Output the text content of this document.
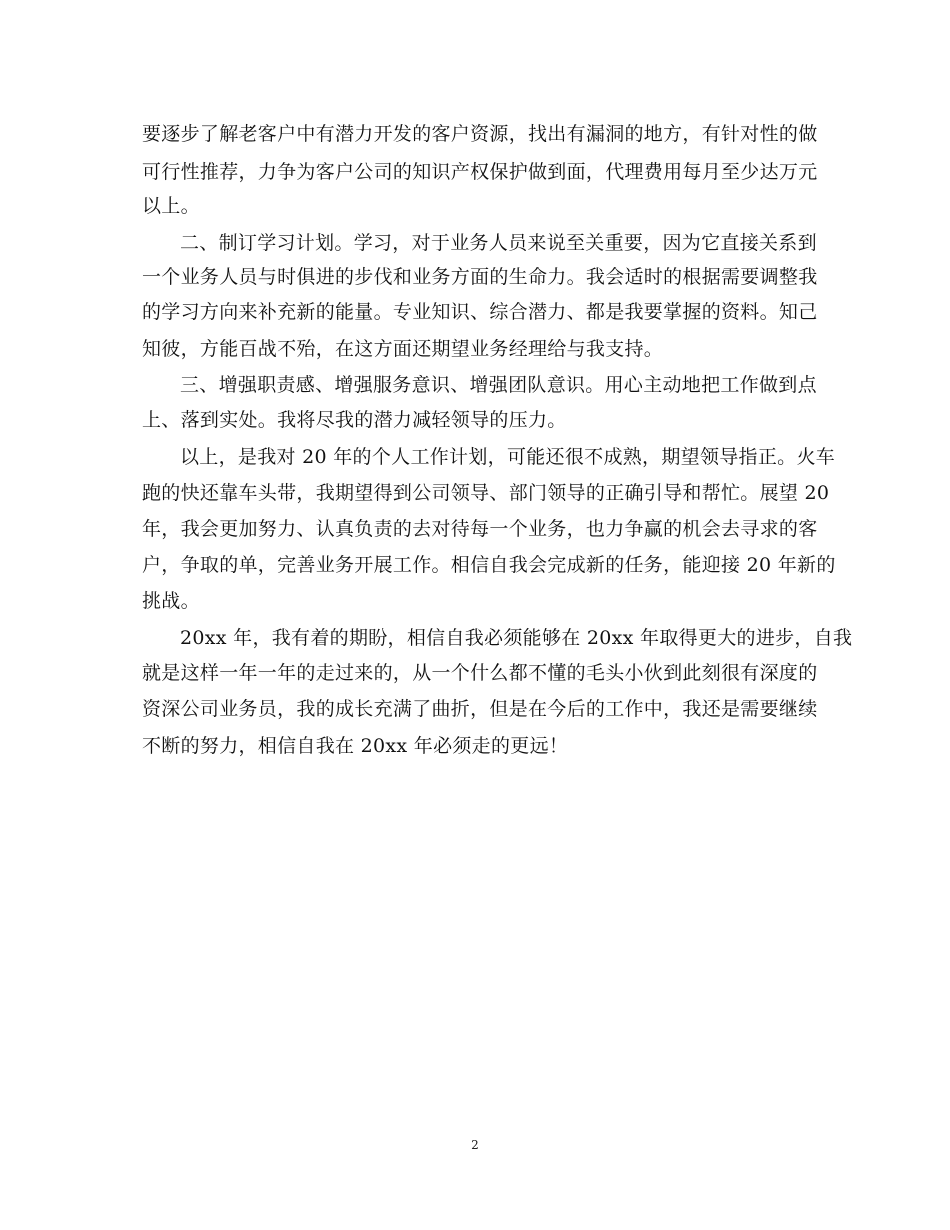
要逐步了解老客户中有潜力开发的客户资源，找出有漏洞的地方，有针对性的做
可行性推荐，力争为客户公司的知识产权保护做到面，代理费用每月至少达万元
以上。
二、制订学习计划。学习，对于业务人员来说至关重要，因为它直接关系到
一个业务人员与时俱进的步伐和业务方面的生命力。我会适时的根据需要调整我
的学习方向来补充新的能量。专业知识、综合潜力、都是我要掌握的资料。知己
知彼，方能百战不殆，在这方面还期望业务经理给与我支持。
三、增强职责感、增强服务意识、增强团队意识。用心主动地把工作做到点
上、落到实处。我将尽我的潜力减轻领导的压力。
以上，是我对 20 年的个人工作计划，可能还很不成熟，期望领导指正。火车
跑的快还靠车头带，我期望得到公司领导、部门领导的正确引导和帮忙。展望 20
年，我会更加努力、认真负责的去对待每一个业务，也力争赢的机会去寻求的客
户，争取的单，完善业务开展工作。相信自我会完成新的任务，能迎接 20 年新的
挑战。
20xx 年，我有着的期盼，相信自我必须能够在 20xx 年取得更大的进步，自我
就是这样一年一年的走过来的，从一个什么都不懂的毛头小伙到此刻很有深度的
资深公司业务员，我的成长充满了曲折，但是在今后的工作中，我还是需要继续
不断的努力，相信自我在 20xx 年必须走的更远！
2
